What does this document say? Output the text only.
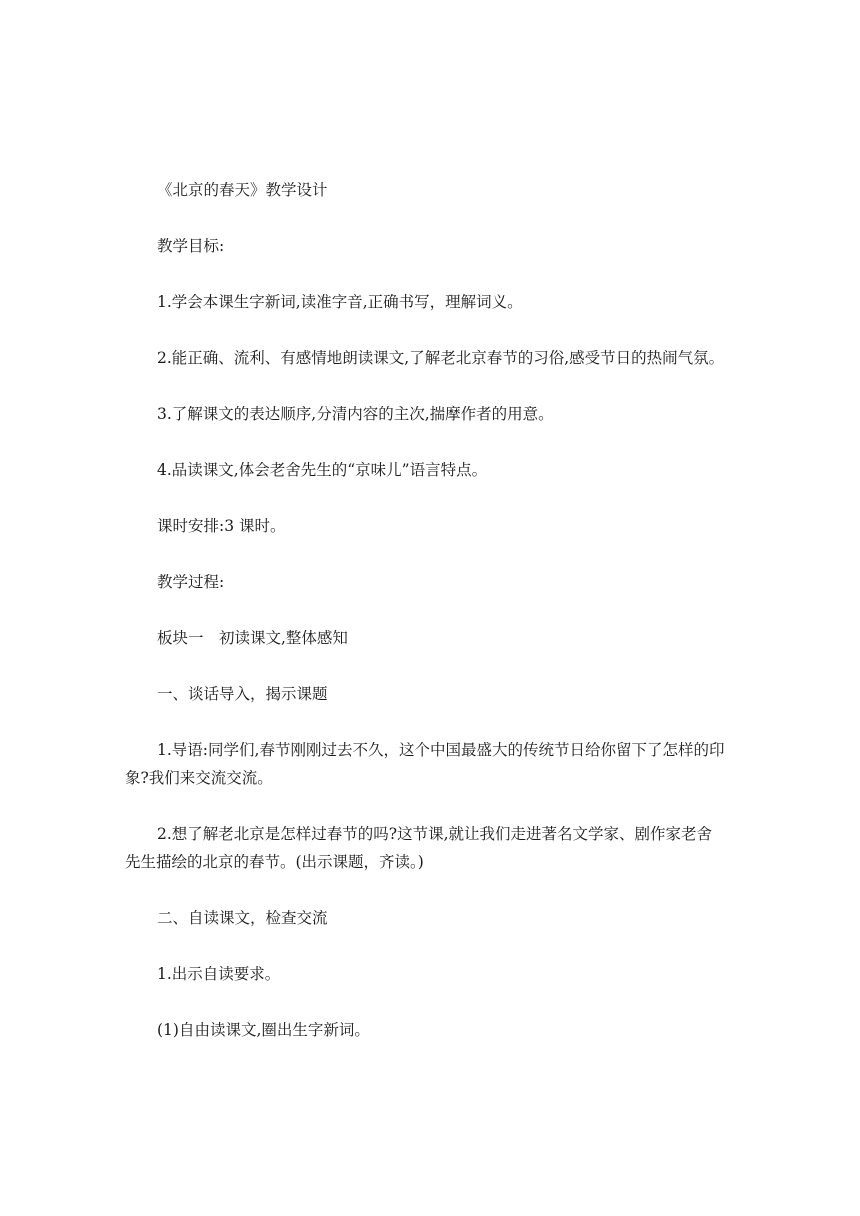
《北京的春天》教学设计

教学目标:

1.学会本课生字新词,读准字音,正确书写，理解词义。

2.能正确、流利、有感情地朗读课文,了解老北京春节的习俗,感受节日的热闹气氛。

3.了解课文的表达顺序,分清内容的主次,揣摩作者的用意。

4.品读课文,体会老舍先生的“京味儿”语言特点。

课时安排:3 课时。

教学过程:

板块一　初读课文,整体感知

一、谈话导入，揭示课题

1.导语:同学们,春节刚刚过去不久，这个中国最盛大的传统节日给你留下了怎样的印象?我们来交流交流。

2.想了解老北京是怎样过春节的吗?这节课,就让我们走进著名文学家、剧作家老舍先生描绘的北京的春节。(出示课题，齐读。)

二、自读课文，检查交流

1.出示自读要求。

(1)自由读课文,圈出生字新词。
